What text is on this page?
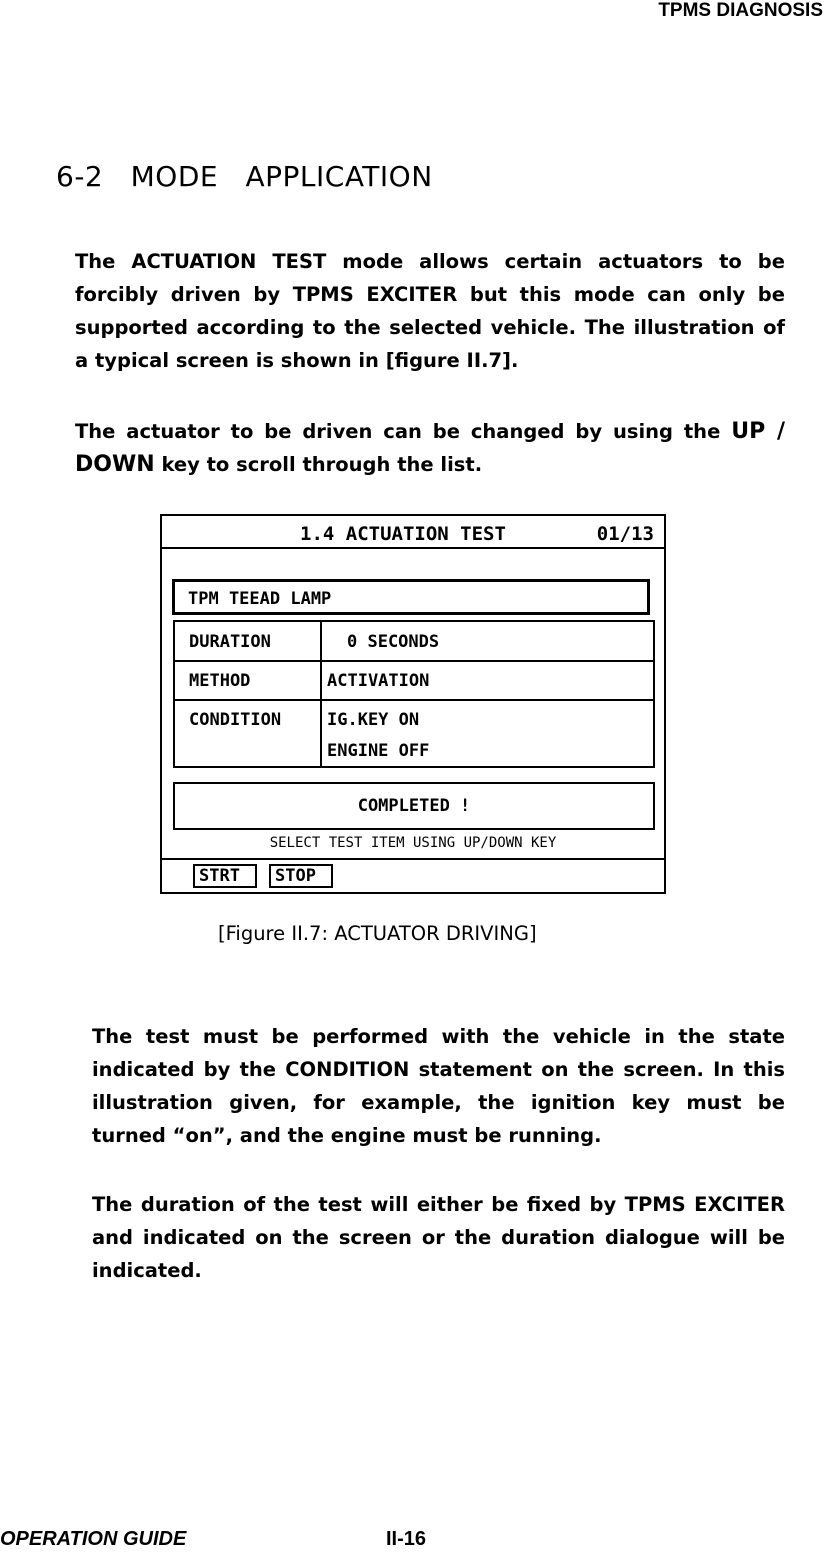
TPMS DIAGNOSIS
6-2 MODE APPLICATION

The ACTUATION TEST mode allows certain actuators to be forcibly driven by TPMS EXCITER but this mode can only be supported according to the selected vehicle. The illustration of a typical screen is shown in [figure II.7].

The actuator to be driven can be changed by using the UP / DOWN key to scroll through the list.

1.4 ACTUATION TEST	01/13
TPM TEEAD LAMP
DURATION	0 SECONDS
METHOD	ACTIVATION
CONDITION	IG.KEY ON
ENGINE OFF
COMPLETED !
SELECT TEST ITEM USING UP/DOWN KEY
STRT	STOP
[Figure II.7: ACTUATOR DRIVING]

The test must be performed with the vehicle in the state indicated by the CONDITION statement on the screen. In this illustration given, for example, the ignition key must be turned “on”, and the engine must be running.

The duration of the test will either be fixed by TPMS EXCITER and indicated on the screen or the duration dialogue will be indicated.

OPERATION GUIDE	II-16
